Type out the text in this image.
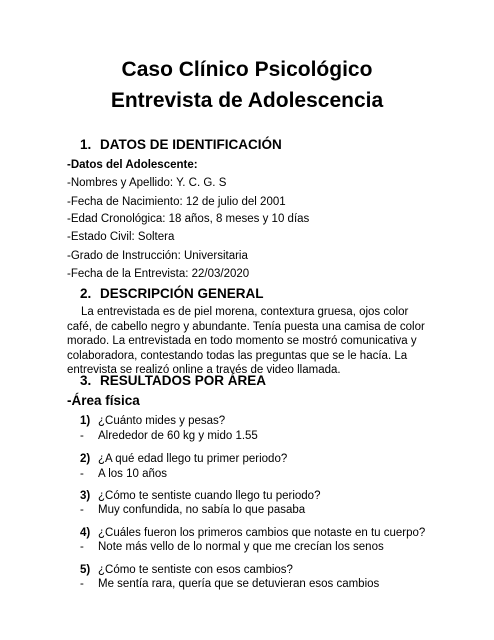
Caso Clínico Psicológico
Entrevista de Adolescencia
1. DATOS DE IDENTIFICACIÓN
-Datos del Adolescente:
-Nombres y Apellido: Y. C. G. S
-Fecha de Nacimiento: 12 de julio del 2001
-Edad Cronológica: 18 años, 8 meses y 10 días
-Estado Civil: Soltera
-Grado de Instrucción: Universitaria
-Fecha de la Entrevista: 22/03/2020
2. DESCRIPCIÓN GENERAL
La entrevistada es de piel morena, contextura gruesa, ojos color café, de cabello negro y abundante. Tenía puesta una camisa de color morado. La entrevistada en todo momento se mostró comunicativa y colaboradora, contestando todas las preguntas que se le hacía. La entrevista se realizó online a través de video llamada.
3. RESULTADOS POR ÁREA
-Área física
1) ¿Cuánto mides y pesas?
- Alrededor de 60 kg y mido 1.55
2) ¿A qué edad llego tu primer periodo?
- A los 10 años
3) ¿Cómo te sentiste cuando llego tu periodo?
- Muy confundida, no sabía lo que pasaba
4) ¿Cuáles fueron los primeros cambios que notaste en tu cuerpo?
- Note más vello de lo normal y que me crecían los senos
5) ¿Cómo te sentiste con esos cambios?
- Me sentía rara, quería que se detuvieran esos cambios
